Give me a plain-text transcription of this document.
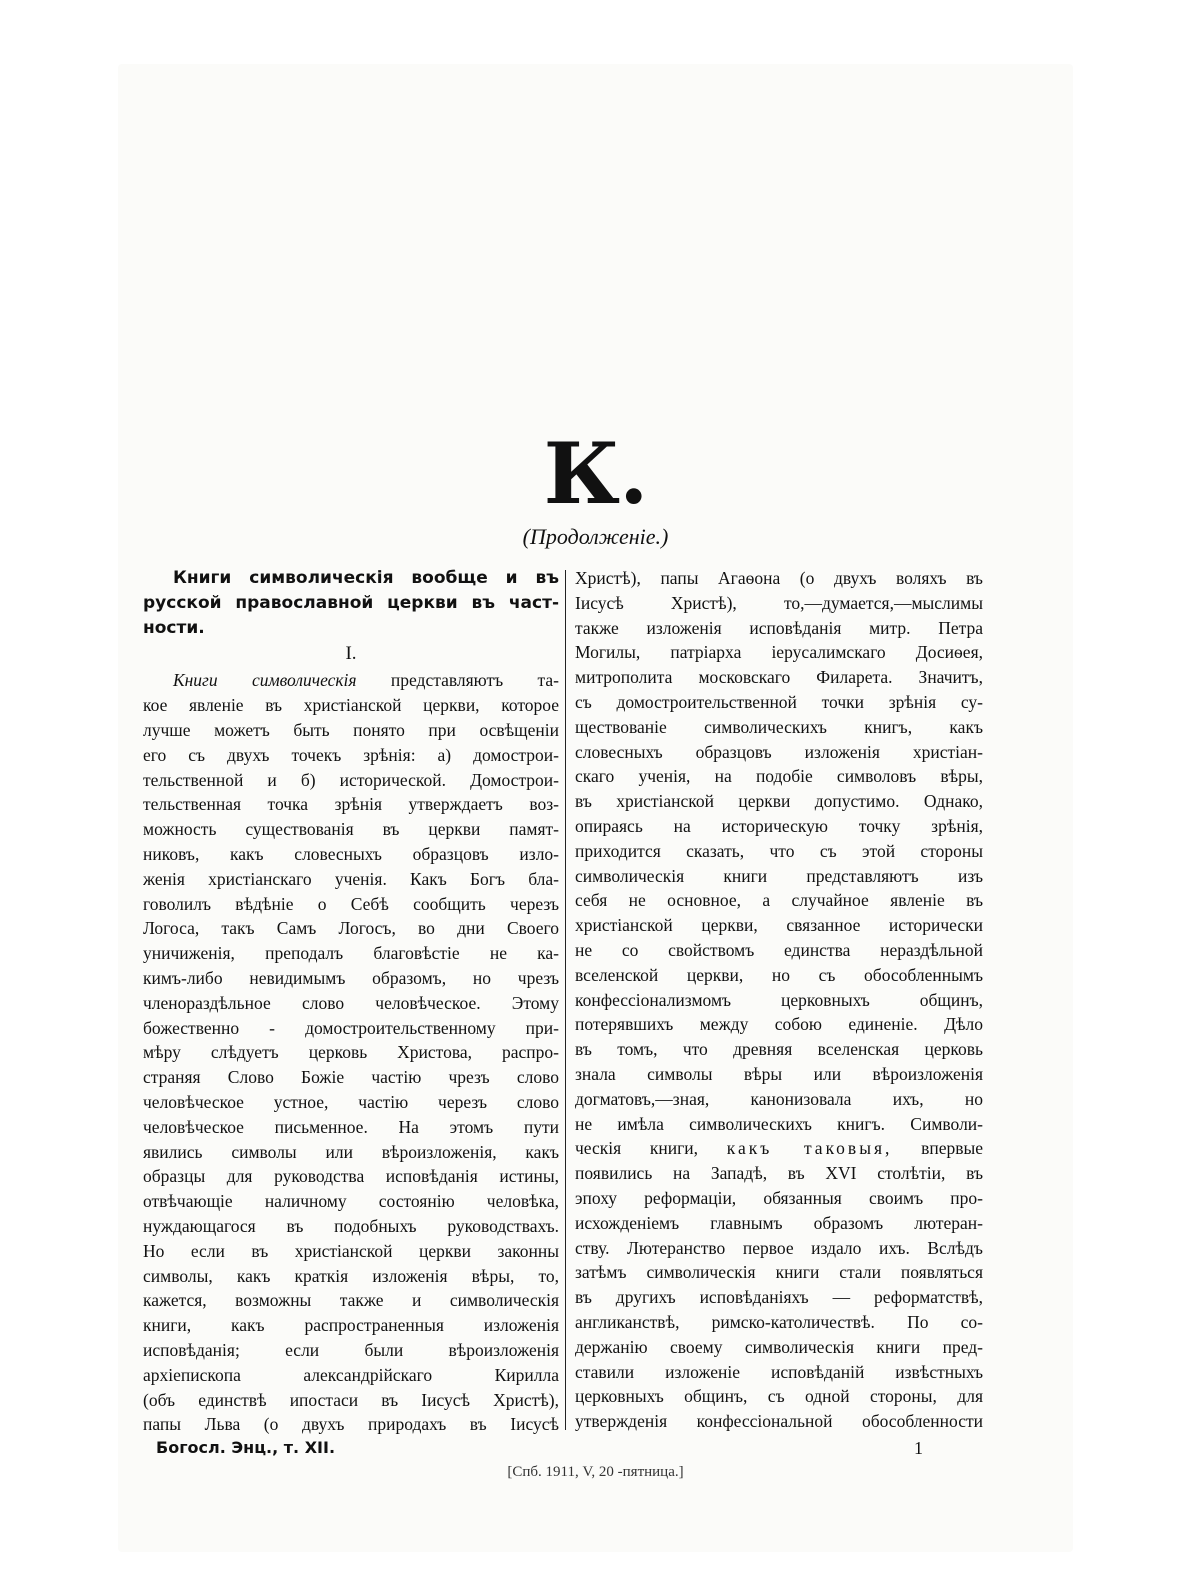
К.
(Продолженіе.)
Книги символическія вообще и въ
русской православной церкви въ част-
ности.
I.
Книги символическія представляютъ та-
кое явленіе въ христіанской церкви, которое
лучше можетъ быть понято при освѣщеніи
его съ двухъ точекъ зрѣнія: а) домострои-
тельственной и б) исторической. Домострои-
тельственная точка зрѣнія утверждаетъ воз-
можность существованія въ церкви памят-
никовъ, какъ словесныхъ образцовъ изло-
женія христіанскаго ученія. Какъ Богъ бла-
говолилъ вѣдѣніе о Себѣ сообщить черезъ
Логоса, такъ Самъ Логосъ, во дни Своего
уничиженія, преподалъ благовѣстіе не ка-
кимъ-либо невидимымъ образомъ, но чрезъ
членораздѣльное слово человѣческое. Этому
божественно - домостроительственному при-
мѣру слѣдуетъ церковь Христова, распро-
страняя Слово Божіе частію чрезъ слово
человѣческое устное, частію черезъ слово
человѣческое письменное. На этомъ пути
явились символы или вѣроизложенія, какъ
образцы для руководства исповѣданія истины,
отвѣчающіе наличному состоянію человѣка,
нуждающагося въ подобныхъ руководствахъ.
Но если въ христіанской церкви законны
символы, какъ краткія изложенія вѣры, то,
кажется, возможны также и символическія
книги, какъ распространенныя изложенія
исповѣданія; если были вѣроизложенія
архіепископа александрійскаго Кирилла
(объ единствѣ ипостаси въ Іисусѣ Христѣ),
папы Льва (о двухъ природахъ въ Іисусѣ
Христѣ), папы Агаѳона (о двухъ воляхъ въ
Іисусѣ Христѣ), то,—думается,—мыслимы
также изложенія исповѣданія митр. Петра
Могилы, патріарха іерусалимскаго Досиѳея,
митрополита московскаго Филарета. Значитъ,
съ домостроительственной точки зрѣнія су-
ществованіе символическихъ книгъ, какъ
словесныхъ образцовъ изложенія христіан-
скаго ученія, на подобіе символовъ вѣры,
въ христіанской церкви допустимо. Однако,
опираясь на историческую точку зрѣнія,
приходится сказать, что съ этой стороны
символическія книги представляютъ изъ
себя не основное, а случайное явленіе въ
христіанской церкви, связанное исторически
не со свойствомъ единства нераздѣльной
вселенской церкви, но съ обособленнымъ
конфессіонализмомъ церковныхъ общинъ,
потерявшихъ между собою единеніе. Дѣло
въ томъ, что древняя вселенская церковь
знала символы вѣры или вѣроизложенія
догматовъ,—зная, канонизовала ихъ, но
не имѣла символическихъ книгъ. Символи-
ческія книги, какъ таковыя, впервые
появились на Западѣ, въ XVI столѣтіи, въ
эпоху реформаціи, обязанныя своимъ про-
исхожденіемъ главнымъ образомъ лютеран-
ству. Лютеранство первое издало ихъ. Вслѣдъ
затѣмъ символическія книги стали появляться
въ другихъ исповѣданіяхъ — реформатствѣ,
англиканствѣ, римско-католичествѣ. По со-
держанію своему символическія книги пред-
ставили изложеніе исповѣданій извѣстныхъ
церковныхъ общинъ, съ одной стороны, для
утвержденія конфессіональной обособленности
Богосл. Энц., т. XII.	1
[Спб. 1911, V, 20 -пятница.]
